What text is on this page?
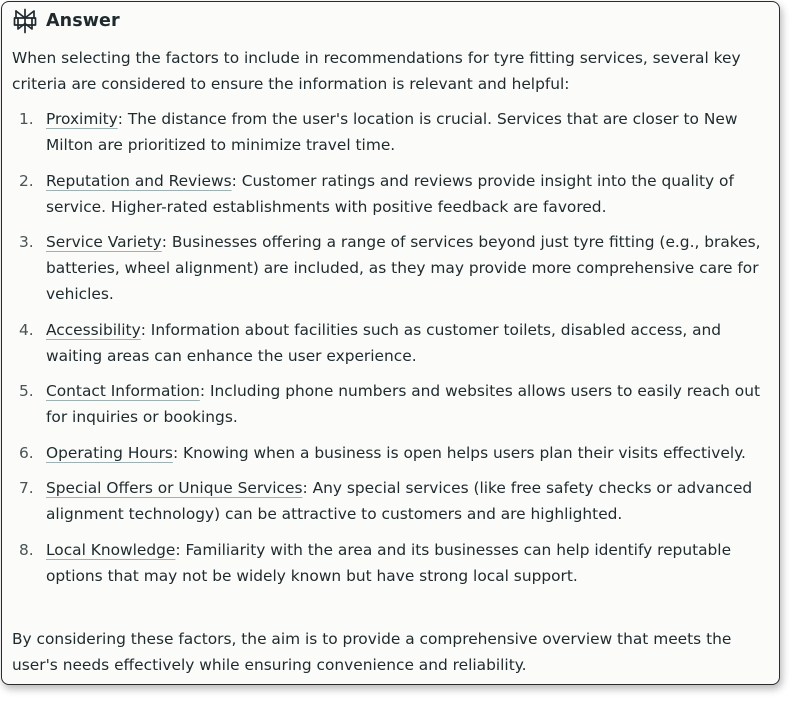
Answer

When selecting the factors to include in recommendations for tyre fitting services, several key criteria are considered to ensure the information is relevant and helpful:

1. Proximity: The distance from the user's location is crucial. Services that are closer to New Milton are prioritized to minimize travel time.
2. Reputation and Reviews: Customer ratings and reviews provide insight into the quality of service. Higher-rated establishments with positive feedback are favored.
3. Service Variety: Businesses offering a range of services beyond just tyre fitting (e.g., brakes, batteries, wheel alignment) are included, as they may provide more comprehensive care for vehicles.
4. Accessibility: Information about facilities such as customer toilets, disabled access, and waiting areas can enhance the user experience.
5. Contact Information: Including phone numbers and websites allows users to easily reach out for inquiries or bookings.
6. Operating Hours: Knowing when a business is open helps users plan their visits effectively.
7. Special Offers or Unique Services: Any special services (like free safety checks or advanced alignment technology) can be attractive to customers and are highlighted.
8. Local Knowledge: Familiarity with the area and its businesses can help identify reputable options that may not be widely known but have strong local support.

By considering these factors, the aim is to provide a comprehensive overview that meets the user's needs effectively while ensuring convenience and reliability.
